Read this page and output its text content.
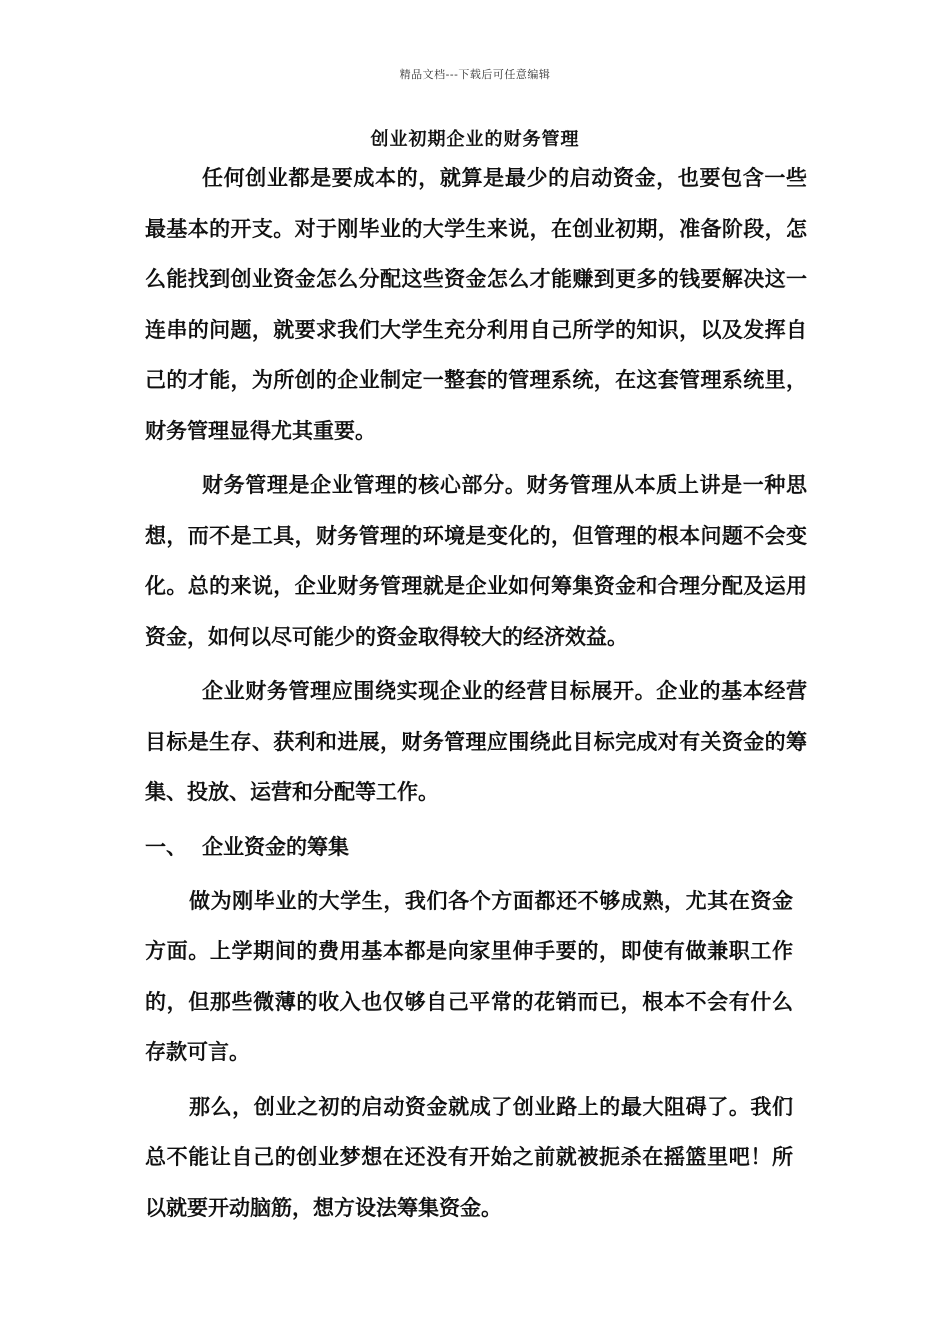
精品文档---下载后可任意编辑
创业初期企业的财务管理

任何创业都是要成本的，就算是最少的启动资金，也要包含一些最基本的开支。对于刚毕业的大学生来说，在创业初期，准备阶段，怎么能找到创业资金怎么分配这些资金怎么才能赚到更多的钱要解决这一连串的问题，就要求我们大学生充分利用自己所学的知识，以及发挥自己的才能，为所创的企业制定一整套的管理系统，在这套管理系统里，财务管理显得尤其重要。

财务管理是企业管理的核心部分。财务管理从本质上讲是一种思想，而不是工具，财务管理的环境是变化的，但管理的根本问题不会变化。总的来说，企业财务管理就是企业如何筹集资金和合理分配及运用资金，如何以尽可能少的资金取得较大的经济效益。

企业财务管理应围绕实现企业的经营目标展开。企业的基本经营目标是生存、获利和进展，财务管理应围绕此目标完成对有关资金的筹集、投放、运营和分配等工作。

一、 企业资金的筹集

做为刚毕业的大学生，我们各个方面都还不够成熟，尤其在资金方面。上学期间的费用基本都是向家里伸手要的，即使有做兼职工作的，但那些微薄的收入也仅够自己平常的花销而已，根本不会有什么存款可言。

那么，创业之初的启动资金就成了创业路上的最大阻碍了。我们总不能让自己的创业梦想在还没有开始之前就被扼杀在摇篮里吧！所以就要开动脑筋，想方设法筹集资金。
